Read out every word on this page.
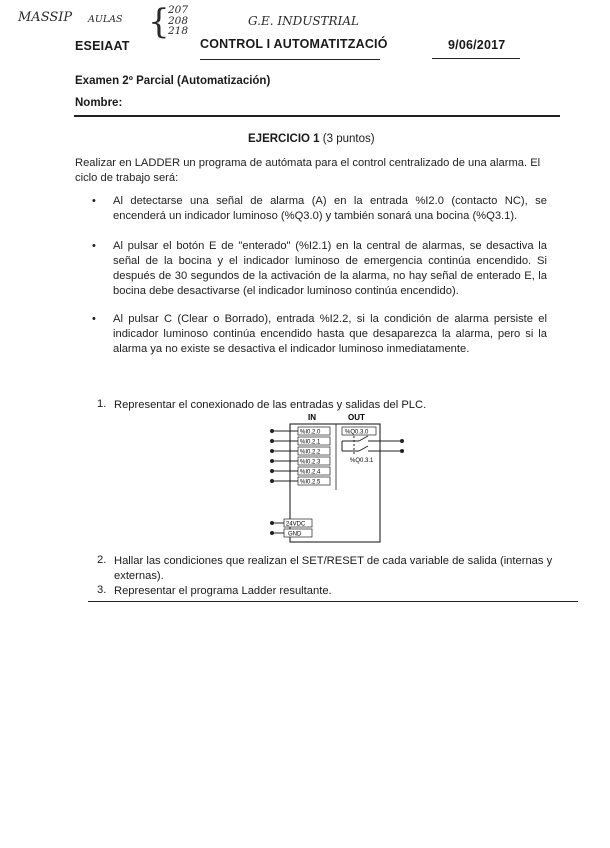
MASSIP AULAS {
207
208
218
G.E. INDUSTRIAL
ESEIAAT	CONTROL I AUTOMATITZACIÓ	9/06/2017
Examen 2º Parcial (Automatización)
Nombre:
EJERCICIO 1 (3 puntos)
Realizar en LADDER un programa de autómata para el control centralizado de una alarma. El ciclo de trabajo será:
• Al detectarse una señal de alarma (A) en la entrada %I2.0 (contacto NC), se encenderá un indicador luminoso (%Q3.0) y también sonará una bocina (%Q3.1).
• Al pulsar el botón E de "enterado" (%I2.1) en la central de alarmas, se desactiva la señal de la bocina y el indicador luminoso de emergencia continúa encendido. Si después de 30 segundos de la activación de la alarma, no hay señal de enterado E, la bocina debe desactivarse (el indicador luminoso continúa encendido).
• Al pulsar C (Clear o Borrado), entrada %I2.2, si la condición de alarma persiste el indicador luminoso continúa encendido hasta que desaparezca la alarma, pero si la alarma ya no existe se desactiva el indicador luminoso inmediatamente.
1. Representar el conexionado de las entradas y salidas del PLC.
IN	OUT
%I0.2.0
%I0.2.1
%I0.2.2
%I0.2.3
%I0.2.4
%I0.2.5
%Q0.3.0
%Q0.3.1
24VDC
GND
2. Hallar las condiciones que realizan el SET/RESET de cada variable de salida (internas y externas).
3. Representar el programa Ladder resultante.
